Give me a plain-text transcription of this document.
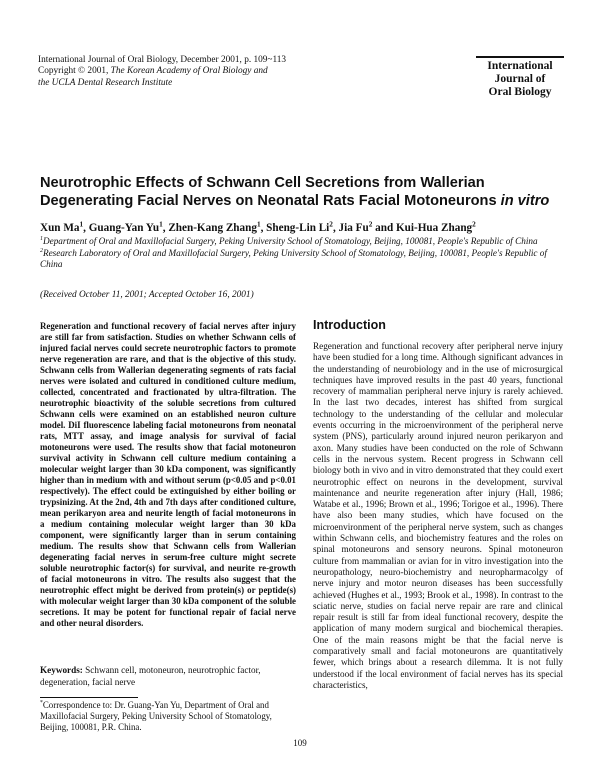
International Journal of Oral Biology, December 2001, p. 109~113
Copyright © 2001, The Korean Academy of Oral Biology and
the UCLA Dental Research Institute
International
Journal of
Oral Biology
Neurotrophic Effects of Schwann Cell Secretions from Wallerian Degenerating Facial Nerves on Neonatal Rats Facial Motoneurons in vitro
Xun Ma$^1$, Guang-Yan Yu$^1$, Zhen-Kang Zhang$^1$, Sheng-Lin Li$^2$, Jia Fu$^2$ and Kui-Hua Zhang$^2$
$^1$Department of Oral and Maxillofacial Surgery, Peking University School of Stomatology, Beijing, 100081, People's Republic of China
$^2$Research Laboratory of Oral and Maxillofacial Surgery, Peking University School of Stomatology, Beijing, 100081, People's Republic of China
(Received October 11, 2001; Accepted October 16, 2001)
Regeneration and functional recovery of facial nerves after injury are still far from satisfaction. Studies on whether Schwann cells of injured facial nerves could secrete neurotrophic factors to promote nerve regeneration are rare, and that is the objective of this study. Schwann cells from Wallerian degenerating segments of rats facial nerves were isolated and cultured in conditioned culture medium, collected, concentrated and fractionated by ultra-filtration. The neurotrophic bioactivity of the soluble secretions from cultured Schwann cells were examined on an established neuron culture model. DiI fluorescence labeling facial motoneurons from neonatal rats, MTT assay, and image analysis for survival of facial motoneurons were used. The results show that facial motoneuron survival activity in Schwann cell culture medium containing a molecular weight larger than 30 kDa component, was significantly higher than in medium with and without serum (p<0.05 and p<0.01 respectively). The effect could be extinguished by either boiling or trypsinizing. At the 2nd, 4th and 7th days after conditioned culture, mean perikaryon area and neurite length of facial motoneurons in a medium containing molecular weight larger than 30 kDa component, were significantly larger than in serum containing medium. The results show that Schwann cells from Wallerian degenerating facial nerves in serum-free culture might secrete soluble neurotrophic factor(s) for survival, and neurite re-growth of facial motoneurons in vitro. The results also suggest that the neurotrophic effect might be derived from protein(s) or peptide(s) with molecular weight larger than 30 kDa component of the soluble secretions. It may be potent for functional repair of facial nerve and other neural disorders.
Keywords: Schwann cell, motoneuron, neurotrophic factor, degeneration, facial nerve
*Correspondence to: Dr. Guang-Yan Yu, Department of Oral and Maxillofacial Surgery, Peking University School of Stomatology, Beijing, 100081, P.R. China.
Introduction
Regeneration and functional recovery after peripheral nerve injury have been studied for a long time. Although significant advances in the understanding of neurobiology and in the use of microsurgical techniques have improved results in the past 40 years, functional recovery of mammalian peripheral nerve injury is rarely achieved. In the last two decades, interest has shifted from surgical technology to the understanding of the cellular and molecular events occurring in the microenvironment of the peripheral nerve system (PNS), particularly around injured neuron perikaryon and axon. Many studies have been conducted on the role of Schwann cells in the nervous system. Recent progress in Schwann cell biology both in vivo and in vitro demonstrated that they could exert neurotrophic effect on neurons in the development, survival maintenance and neurite regeneration after injury (Hall, 1986; Watabe et al., 1996; Brown et al., 1996; Torigoe et al., 1996). There have also been many studies, which have focused on the microenvironment of the peripheral nerve system, such as changes within Schwann cells, and biochemistry features and the roles on spinal motoneurons and sensory neurons. Spinal motoneuron culture from mammalian or avian for in vitro investigation into the neuropathology, neuro-biochemistry and neuropharmacolgy of nerve injury and motor neuron diseases has been successfully achieved (Hughes et al., 1993; Brook et al., 1998). In contrast to the sciatic nerve, studies on facial nerve repair are rare and clinical repair result is still far from ideal functional recovery, despite the application of many modern surgical and biochemical therapies. One of the main reasons might be that the facial nerve is comparatively small and facial motoneurons are quantitatively fewer, which brings about a research dilemma. It is not fully understood if the local environment of facial nerves has its special characteristics,
109
